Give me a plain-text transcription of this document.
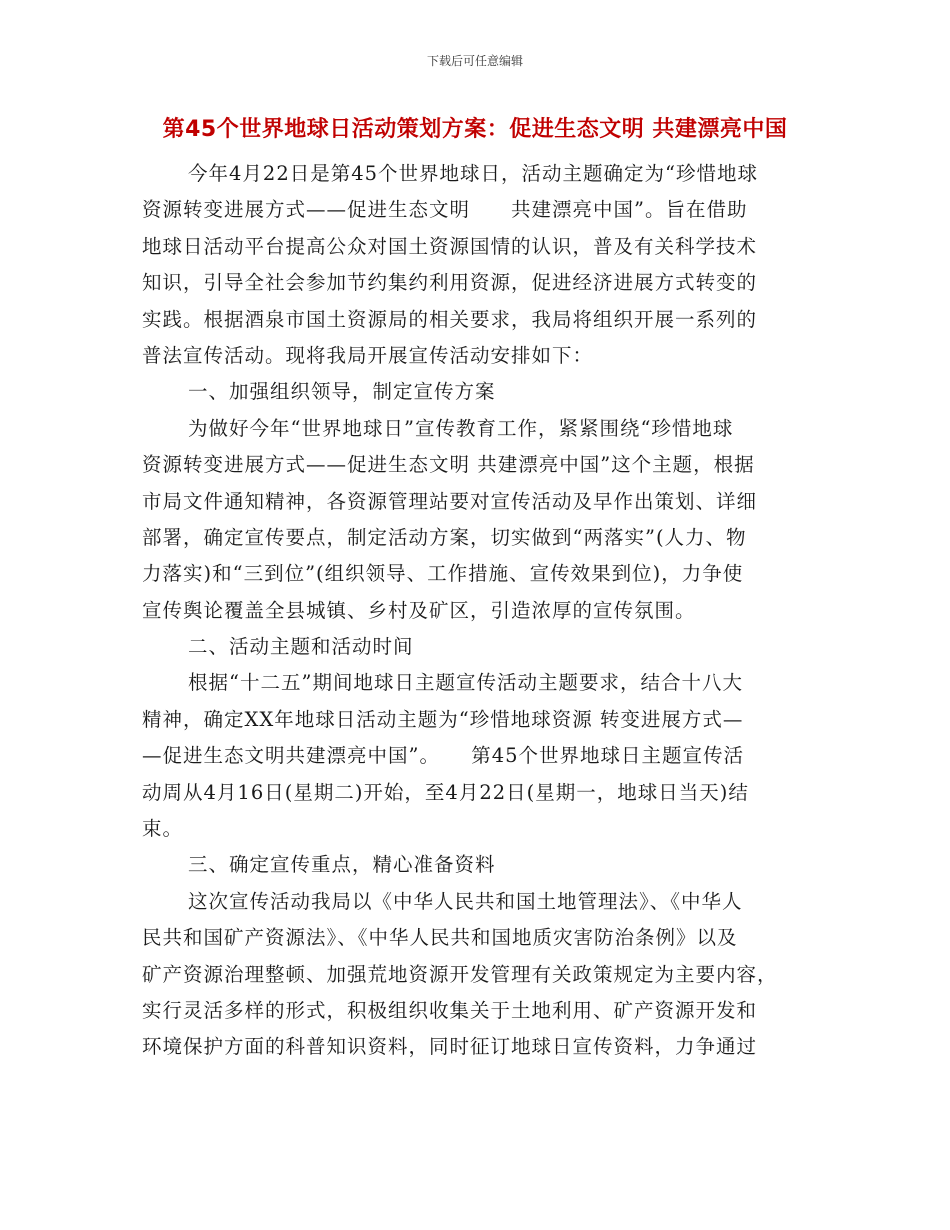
下载后可任意编辑
第45个世界地球日活动策划方案：促进生态文明 共建漂亮中国
今年4月22日是第45个世界地球日，活动主题确定为“珍惜地球
资源转变进展方式——促进生态文明　　共建漂亮中国”。旨在借助
地球日活动平台提高公众对国土资源国情的认识，普及有关科学技术
知识，引导全社会参加节约集约利用资源，促进经济进展方式转变的
实践。根据酒泉市国土资源局的相关要求，我局将组织开展一系列的
普法宣传活动。现将我局开展宣传活动安排如下：
一、加强组织领导，制定宣传方案
为做好今年“世界地球日”宣传教育工作，紧紧围绕“珍惜地球
资源转变进展方式——促进生态文明 共建漂亮中国”这个主题，根据
市局文件通知精神，各资源管理站要对宣传活动及早作出策划、详细
部署，确定宣传要点，制定活动方案，切实做到“两落实”(人力、物
力落实)和“三到位”(组织领导、工作措施、宣传效果到位)，力争使
宣传舆论覆盖全县城镇、乡村及矿区，引造浓厚的宣传氛围。
二、活动主题和活动时间
根据“十二五”期间地球日主题宣传活动主题要求，结合十八大
精神，确定XX年地球日活动主题为“珍惜地球资源 转变进展方式—
—促进生态文明共建漂亮中国”。　　第45个世界地球日主题宣传活
动周从4月16日(星期二)开始，至4月22日(星期一，地球日当天)结
束。
三、确定宣传重点，精心准备资料
这次宣传活动我局以《中华人民共和国土地管理法》、《中华人
民共和国矿产资源法》、《中华人民共和国地质灾害防治条例》以及
矿产资源治理整顿、加强荒地资源开发管理有关政策规定为主要内容，
实行灵活多样的形式，积极组织收集关于土地利用、矿产资源开发和
环境保护方面的科普知识资料，同时征订地球日宣传资料，力争通过
